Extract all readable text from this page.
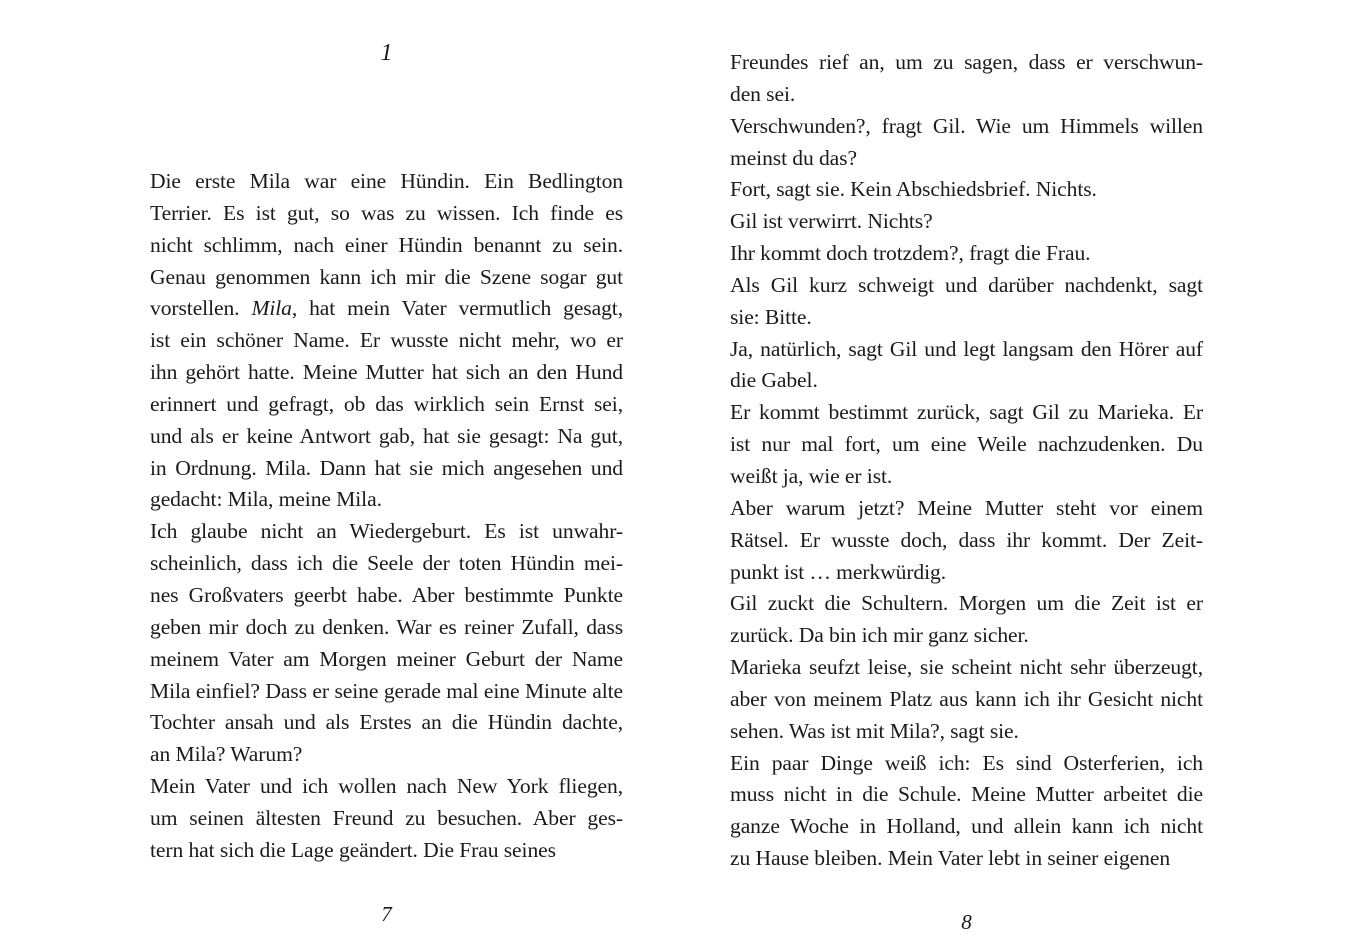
1

Die erste Mila war eine Hündin. Ein Bedlington
Terrier. Es ist gut, so was zu wissen. Ich finde es
nicht schlimm, nach einer Hündin benannt zu sein.
Genau genommen kann ich mir die Szene sogar gut
vorstellen. Mila, hat mein Vater vermutlich gesagt,
ist ein schöner Name. Er wusste nicht mehr, wo er
ihn gehört hatte. Meine Mutter hat sich an den Hund
erinnert und gefragt, ob das wirklich sein Ernst sei,
und als er keine Antwort gab, hat sie gesagt: Na gut,
in Ordnung. Mila. Dann hat sie mich angesehen und
gedacht: Mila, meine Mila.

Ich glaube nicht an Wiedergeburt. Es ist unwahr-
scheinlich, dass ich die Seele der toten Hündin mei-
nes Großvaters geerbt habe. Aber bestimmte Punkte
geben mir doch zu denken. War es reiner Zufall, dass
meinem Vater am Morgen meiner Geburt der Name
Mila einfiel? Dass er seine gerade mal eine Minute alte
Tochter ansah und als Erstes an die Hündin dachte,
an Mila? Warum?

Mein Vater und ich wollen nach New York fliegen,
um seinen ältesten Freund zu besuchen. Aber ges-
tern hat sich die Lage geändert. Die Frau seines

7

Freundes rief an, um zu sagen, dass er verschwun-
den sei.

Verschwunden?, fragt Gil. Wie um Himmels willen
meinst du das?

Fort, sagt sie. Kein Abschiedsbrief. Nichts.

Gil ist verwirrt. Nichts?

Ihr kommt doch trotzdem?, fragt die Frau.

Als Gil kurz schweigt und darüber nachdenkt, sagt
sie: Bitte.

Ja, natürlich, sagt Gil und legt langsam den Hörer auf
die Gabel.

Er kommt bestimmt zurück, sagt Gil zu Marieka. Er
ist nur mal fort, um eine Weile nachzudenken. Du
weißt ja, wie er ist.

Aber warum jetzt? Meine Mutter steht vor einem
Rätsel. Er wusste doch, dass ihr kommt. Der Zeit-
punkt ist … merkwürdig.

Gil zuckt die Schultern. Morgen um die Zeit ist er
zurück. Da bin ich mir ganz sicher.

Marieka seufzt leise, sie scheint nicht sehr überzeugt,
aber von meinem Platz aus kann ich ihr Gesicht nicht
sehen. Was ist mit Mila?, sagt sie.

Ein paar Dinge weiß ich: Es sind Osterferien, ich
muss nicht in die Schule. Meine Mutter arbeitet die
ganze Woche in Holland, und allein kann ich nicht
zu Hause bleiben. Mein Vater lebt in seiner eigenen

8
